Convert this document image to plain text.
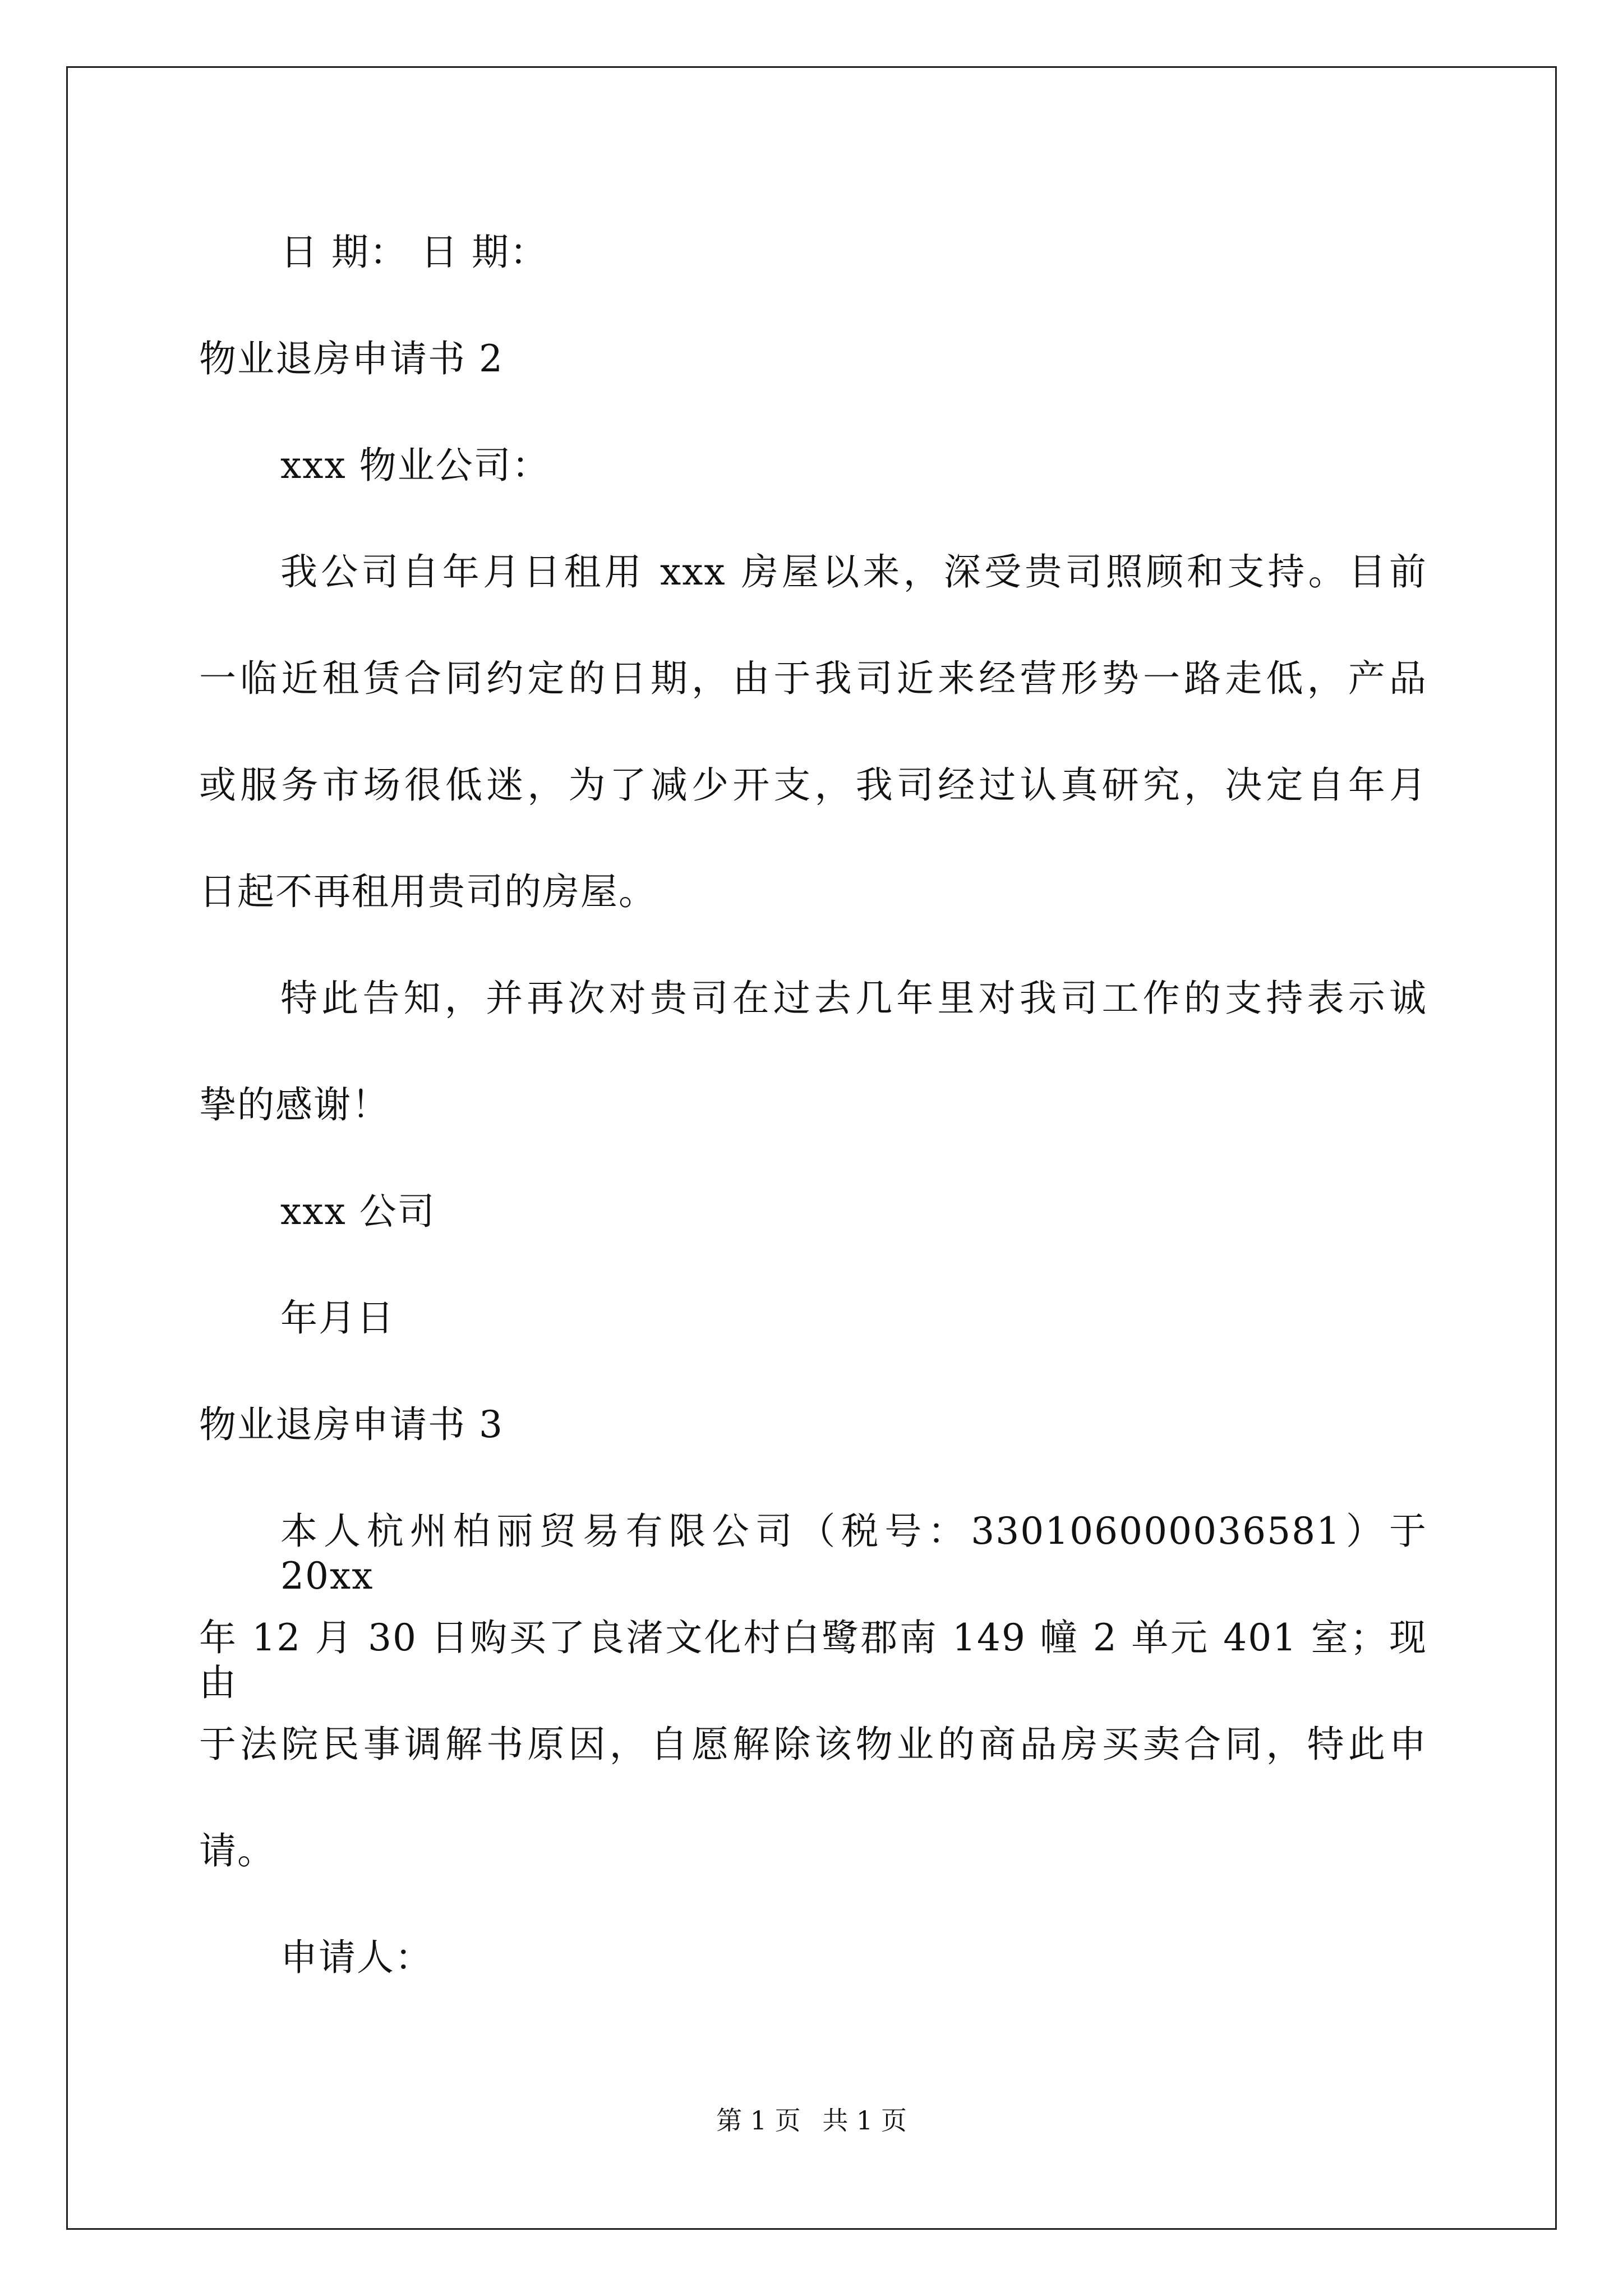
日 期： 日 期：
物业退房申请书 2
xxx 物业公司：
我公司自年月日租用 xxx 房屋以来，深受贵司照顾和支持。目前
一临近租赁合同约定的日期，由于我司近来经营形势一路走低，产品
或服务市场很低迷，为了减少开支，我司经过认真研究，决定自年月
日起不再租用贵司的房屋。
特此告知，并再次对贵司在过去几年里对我司工作的支持表示诚
挚的感谢！
xxx 公司
年月日
物业退房申请书 3
本人杭州柏丽贸易有限公司（税号：330106000036581）于 20xx
年 12 月 30 日购买了良渚文化村白鹭郡南 149 幢 2 单元 401 室；现由
于法院民事调解书原因，自愿解除该物业的商品房买卖合同，特此申
请。
申请人：
第 1 页 共 1 页
